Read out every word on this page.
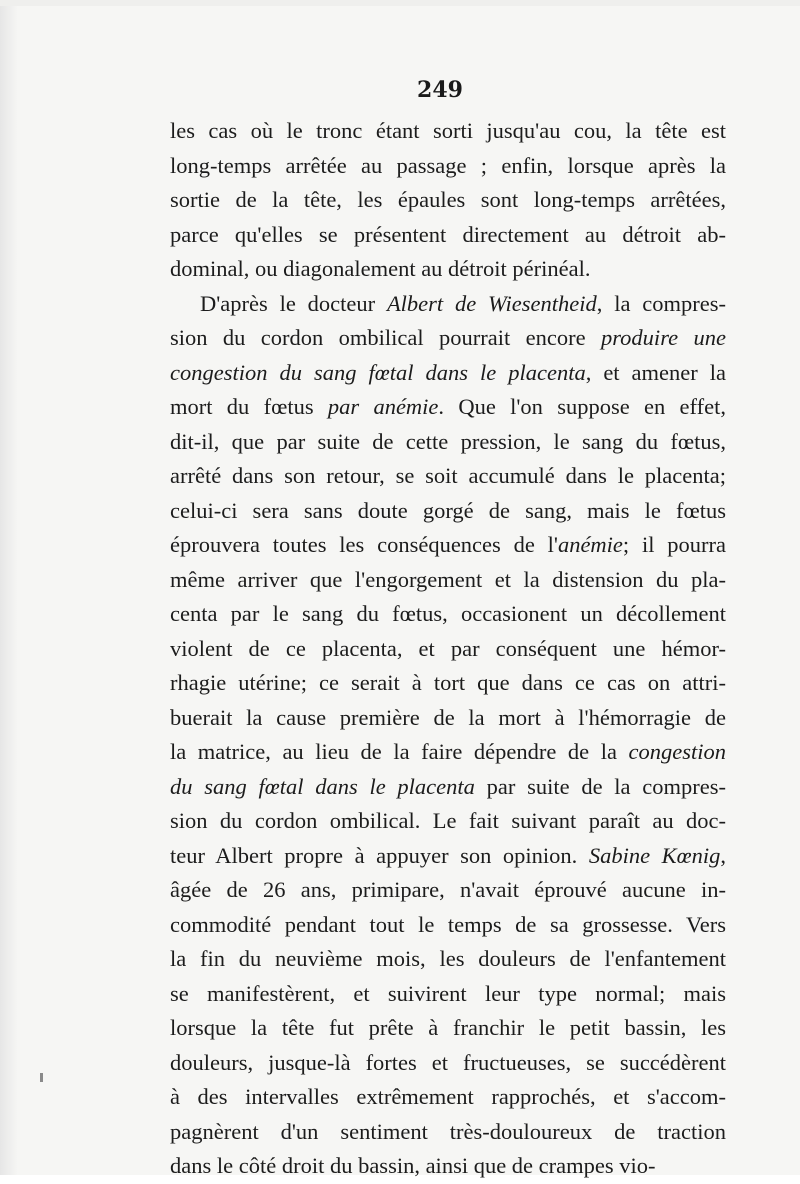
249

les cas où le tronc étant sorti jusqu'au cou, la tête est
long-temps arrêtée au passage ; enfin, lorsque après la
sortie de la tête, les épaules sont long-temps arrêtées,
parce qu'elles se présentent directement au détroit ab-
dominal, ou diagonalement au détroit périnéal.
D'après le docteur Albert de Wiesentheid, la compres-
sion du cordon ombilical pourrait encore produire une
congestion du sang fœtal dans le placenta, et amener la
mort du fœtus par anémie. Que l'on suppose en effet,
dit-il, que par suite de cette pression, le sang du fœtus,
arrêté dans son retour, se soit accumulé dans le placenta;
celui-ci sera sans doute gorgé de sang, mais le fœtus
éprouvera toutes les conséquences de l'anémie; il pourra
même arriver que l'engorgement et la distension du pla-
centa par le sang du fœtus, occasionent un décollement
violent de ce placenta, et par conséquent une hémor-
rhagie utérine; ce serait à tort que dans ce cas on attri-
buerait la cause première de la mort à l'hémorragie de
la matrice, au lieu de la faire dépendre de la congestion
du sang fœtal dans le placenta par suite de la compres-
sion du cordon ombilical. Le fait suivant paraît au doc-
teur Albert propre à appuyer son opinion. Sabine Kœnig,
âgée de 26 ans, primipare, n'avait éprouvé aucune in-
commodité pendant tout le temps de sa grossesse. Vers
la fin du neuvième mois, les douleurs de l'enfantement
se manifestèrent, et suivirent leur type normal; mais
lorsque la tête fut prête à franchir le petit bassin, les
douleurs, jusque-là fortes et fructueuses, se succédèrent
à des intervalles extrêmement rapprochés, et s'accom-
pagnèrent d'un sentiment très-douloureux de traction
dans le côté droit du bassin, ainsi que de crampes vio-
